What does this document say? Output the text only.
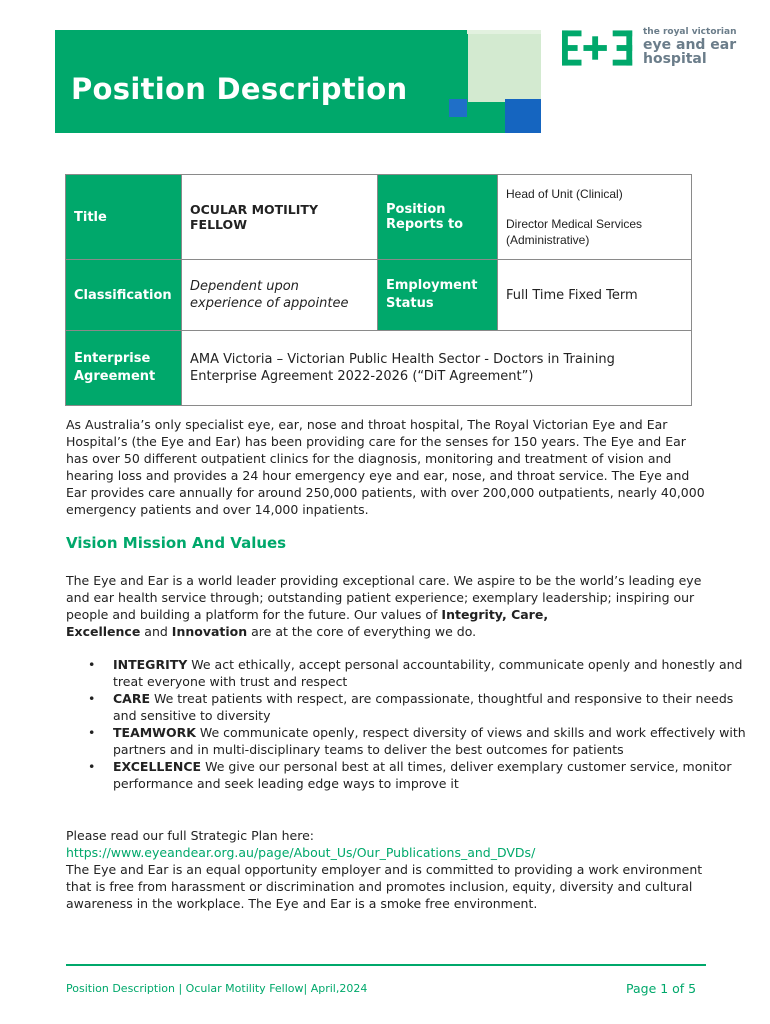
Position Description
the royal victorian
eye and ear
hospital
Title	OCULAR MOTILITY FELLOW	Position Reports to	Head of Unit (Clinical)
Director Medical Services (Administrative)

Classification	Dependent upon experience of appointee	Employment Status	Full Time Fixed Term

Enterprise Agreement	AMA Victoria – Victorian Public Health Sector - Doctors in Training Enterprise Agreement 2022-2026 (“DiT Agreement”)		
As Australia’s only specialist eye, ear, nose and throat hospital, The Royal Victorian Eye and Ear Hospital’s (the Eye and Ear) has been providing care for the senses for 150 years. The Eye and Ear has over 50 different outpatient clinics for the diagnosis, monitoring and treatment of vision and hearing loss and provides a 24 hour emergency eye and ear, nose, and throat service. The Eye and Ear provides care annually for around 250,000 patients, with over 200,000 outpatients, nearly 40,000 emergency patients and over 14,000 inpatients.
Vision Mission And Values
The Eye and Ear is a world leader providing exceptional care. We aspire to be the world’s leading eye and ear health service through; outstanding patient experience; exemplary leadership; inspiring our people and building a platform for the future. Our values of Integrity, Care,
Excellence and Innovation are at the core of everything we do.
• INTEGRITY We act ethically, accept personal accountability, communicate openly and honestly and treat everyone with trust and respect
• CARE We treat patients with respect, are compassionate, thoughtful and responsive to their needs and sensitive to diversity
• TEAMWORK We communicate openly, respect diversity of views and skills and work effectively with partners and in multi-disciplinary teams to deliver the best outcomes for patients
• EXCELLENCE We give our personal best at all times, deliver exemplary customer service, monitor performance and seek leading edge ways to improve it
Please read our full Strategic Plan here:
https://www.eyeandear.org.au/page/About_Us/Our_Publications_and_DVDs/
The Eye and Ear is an equal opportunity employer and is committed to providing a work environment that is free from harassment or discrimination and promotes inclusion, equity, diversity and cultural awareness in the workplace. The Eye and Ear is a smoke free environment.
Position Description | Ocular Motility Fellow| April,2024	Page 1 of 5
